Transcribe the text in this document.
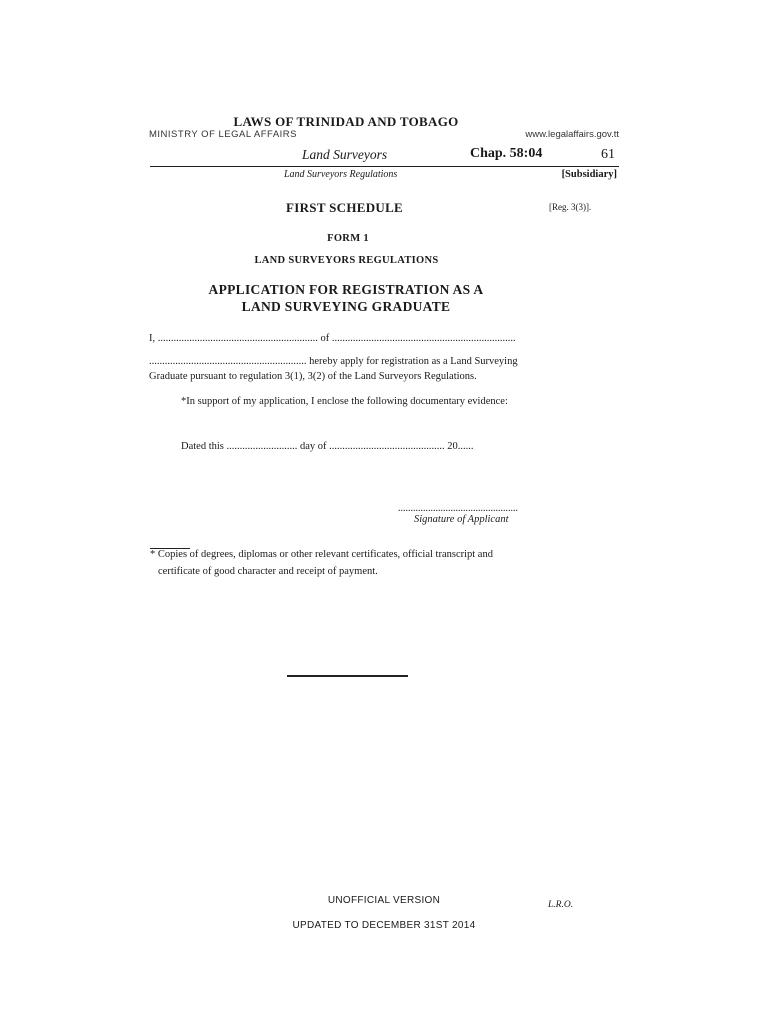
LAWS OF TRINIDAD AND TOBAGO
MINISTRY OF LEGAL AFFAIRS	www.legalaffairs.gov.tt
Land Surveyors	Chap. 58:04	61
Land Surveyors Regulations	[Subsidiary]
FIRST SCHEDULE	[Reg. 3(3)].
FORM 1
LAND SURVEYORS REGULATIONS
APPLICATION FOR REGISTRATION AS A
LAND SURVEYING GRADUATE
I, ............................................................. of ......................................................................
............................................................ hereby apply for registration as a Land Surveying
Graduate pursuant to regulation 3(1), 3(2) of the Land Surveyors Regulations.
*In support of my application, I enclose the following documentary evidence:
Dated this ........................... day of ............................................ 20......
................................................
Signature of Applicant
* Copies of degrees, diplomas or other relevant certificates, official transcript and
certificate of good character and receipt of payment.
UNOFFICIAL VERSION	L.R.O.
UPDATED TO DECEMBER 31ST 2014
